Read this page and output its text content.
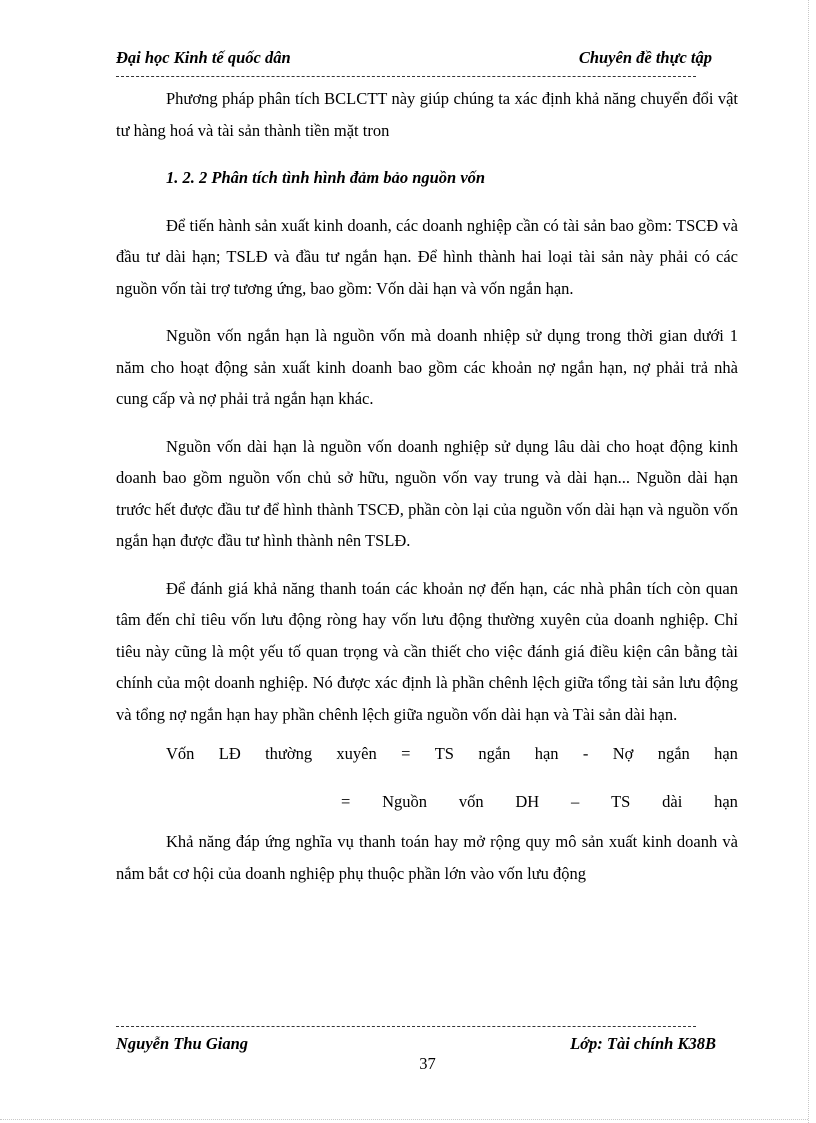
Đại học Kinh tế quốc dân	Chuyên đề thực tập

Phương pháp phân tích BCLCTT này giúp chúng ta xác định khả năng chuyển đổi vật tư hàng hoá và tài sản thành tiền mặt tron

1. 2. 2 Phân tích tình hình đảm bảo nguồn vốn

Để tiến hành sản xuất kinh doanh, các doanh nghiệp cần có tài sản bao gồm: TSCĐ và đầu tư dài hạn; TSLĐ và đầu tư ngắn hạn. Để hình thành hai loại tài sản này phải có các nguồn vốn tài trợ tương ứng, bao gồm: Vốn dài hạn và vốn ngắn hạn.

Nguồn vốn ngắn hạn là nguồn vốn mà doanh nhiệp sử dụng trong thời gian dưới 1 năm cho hoạt động sản xuất kinh doanh bao gồm các khoản nợ ngắn hạn, nợ phải trả nhà cung cấp và nợ phải trả ngắn hạn khác.

Nguồn vốn dài hạn là nguồn vốn doanh nghiệp sử dụng lâu dài cho hoạt động kinh doanh bao gồm nguồn vốn chủ sở hữu, nguồn vốn vay trung và dài hạn... Nguồn dài hạn trước hết được đầu tư để hình thành TSCĐ, phần còn lại của nguồn vốn dài hạn và nguồn vốn ngắn hạn được đầu tư hình thành nên TSLĐ.

Để đánh giá khả năng thanh toán các khoản nợ đến hạn, các nhà phân tích còn quan tâm đến chỉ tiêu vốn lưu động ròng hay vốn lưu động thường xuyên của doanh nghiệp. Chỉ tiêu này cũng là một yếu tố quan trọng và cần thiết cho việc đánh giá điều kiện cân bằng tài chính của một doanh nghiệp. Nó được xác định là phần chênh lệch giữa tổng tài sản lưu động và tổng nợ ngắn hạn hay phần chênh lệch giữa nguồn vốn dài hạn và Tài sản dài hạn.

Vốn LĐ thường xuyên = TS ngắn hạn - Nợ ngắn hạn
= Nguồn vốn DH – TS dài hạn

Khả năng đáp ứng nghĩa vụ thanh toán hay mở rộng quy mô sản xuất kinh doanh và nắm bắt cơ hội của doanh nghiệp phụ thuộc phần lớn vào vốn lưu động

Nguyễn Thu Giang	Lớp: Tài chính K38B
37
